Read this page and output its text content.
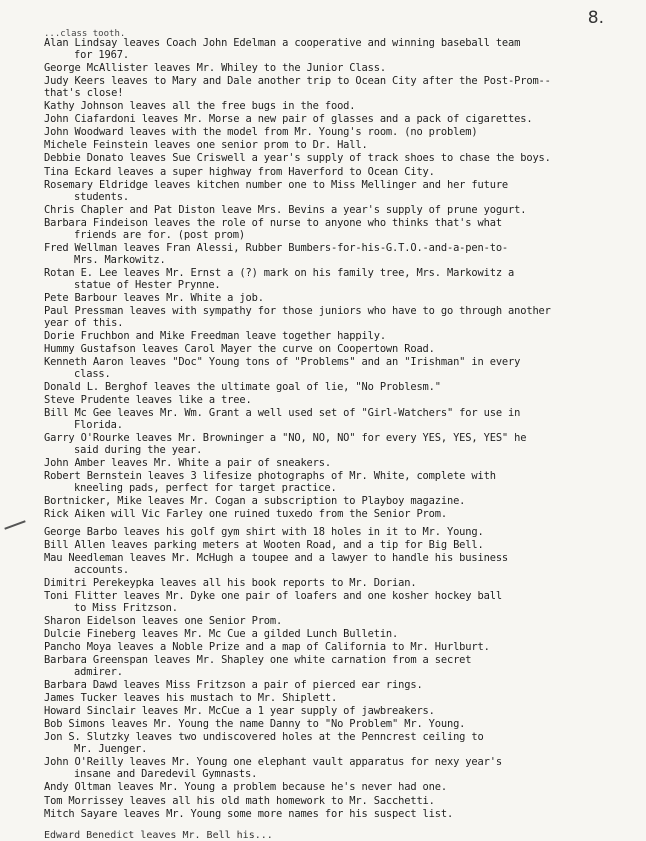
8.
...class tooth.
Alan Lindsay leaves Coach John Edelman a cooperative and winning baseball team
for 1967.
George McAllister leaves Mr. Whiley to the Junior Class.
Judy Keers leaves to Mary and Dale another trip to Ocean City after the Post-Prom--
that's close!
Kathy Johnson leaves all the free bugs in the food.
John Ciafardoni leaves Mr. Morse a new pair of glasses and a pack of cigarettes.
John Woodward leaves with the model from Mr. Young's room. (no problem)
Michele Feinstein leaves one senior prom to Dr. Hall.
Debbie Donato leaves Sue Criswell a year's supply of track shoes to chase the boys.
Tina Eckard leaves a super highway from Haverford to Ocean City.
Rosemary Eldridge leaves kitchen number one to Miss Mellinger and her future
students.
Chris Chapler and Pat Diston leave Mrs. Bevins a year's supply of prune yogurt.
Barbara Findeison leaves the role of nurse to anyone who thinks that's what
friends are for. (post prom)
Fred Wellman leaves Fran Alessi, Rubber Bumbers-for-his-G.T.O.-and-a-pen-to-
Mrs. Markowitz.
Rotan E. Lee leaves Mr. Ernst a (?) mark on his family tree, Mrs. Markowitz a
statue of Hester Prynne.
Pete Barbour leaves Mr. White a job.
Paul Pressman leaves with sympathy for those juniors who have to go through another
year of this.
Dorie Fruchbon and Mike Freedman leave together happily.
Hummy Gustafson leaves Carol Mayer the curve on Coopertown Road.
Kenneth Aaron leaves "Doc" Young tons of "Problems" and an "Irishman" in every
class.
Donald L. Berghof leaves the ultimate goal of lie, "No Problesm."
Steve Prudente leaves like a tree.
Bill Mc Gee leaves Mr. Wm. Grant a well used set of "Girl-Watchers" for use in
Florida.
Garry O'Rourke leaves Mr. Browninger a "NO, NO, NO" for every YES, YES, YES" he
said during the year.
John Amber leaves Mr. White a pair of sneakers.
Robert Bernstein leaves 3 lifesize photographs of Mr. White, complete with
kneeling pads, perfect for target practice.
Bortnicker, Mike leaves Mr. Cogan a subscription to Playboy magazine.
Rick Aiken will Vic Farley one ruined tuxedo from the Senior Prom.
George Barbo leaves his golf gym shirt with 18 holes in it to Mr. Young.
Bill Allen leaves parking meters at Wooten Road, and a tip for Big Bell.
Mau Needleman leaves Mr. McHugh a toupee and a lawyer to handle his business
accounts.
Dimitri Perekeypka leaves all his book reports to Mr. Dorian.
Toni Flitter leaves Mr. Dyke one pair of loafers and one kosher hockey ball
to Miss Fritzson.
Sharon Eidelson leaves one Senior Prom.
Dulcie Fineberg leaves Mr. Mc Cue a gilded Lunch Bulletin.
Pancho Moya leaves a Noble Prize and a map of California to Mr. Hurlburt.
Barbara Greenspan leaves Mr. Shapley one white carnation from a secret
admirer.
Barbara Dawd leaves Miss Fritzson a pair of pierced ear rings.
James Tucker leaves his mustach to Mr. Shiplett.
Howard Sinclair leaves Mr. McCue a 1 year supply of jawbreakers.
Bob Simons leaves Mr. Young the name Danny to "No Problem" Mr. Young.
Jon S. Slutzky leaves two undiscovered holes at the Penncrest ceiling to
Mr. Juenger.
John O'Reilly leaves Mr. Young one elephant vault apparatus for nexy year's
insane and Daredevil Gymnasts.
Andy Oltman leaves Mr. Young a problem because he's never had one.
Tom Morrissey leaves all his old math homework to Mr. Sacchetti.
Mitch Sayare leaves Mr. Young some more names for his suspect list.
Edward Benedict leaves Mr. Bell his...
